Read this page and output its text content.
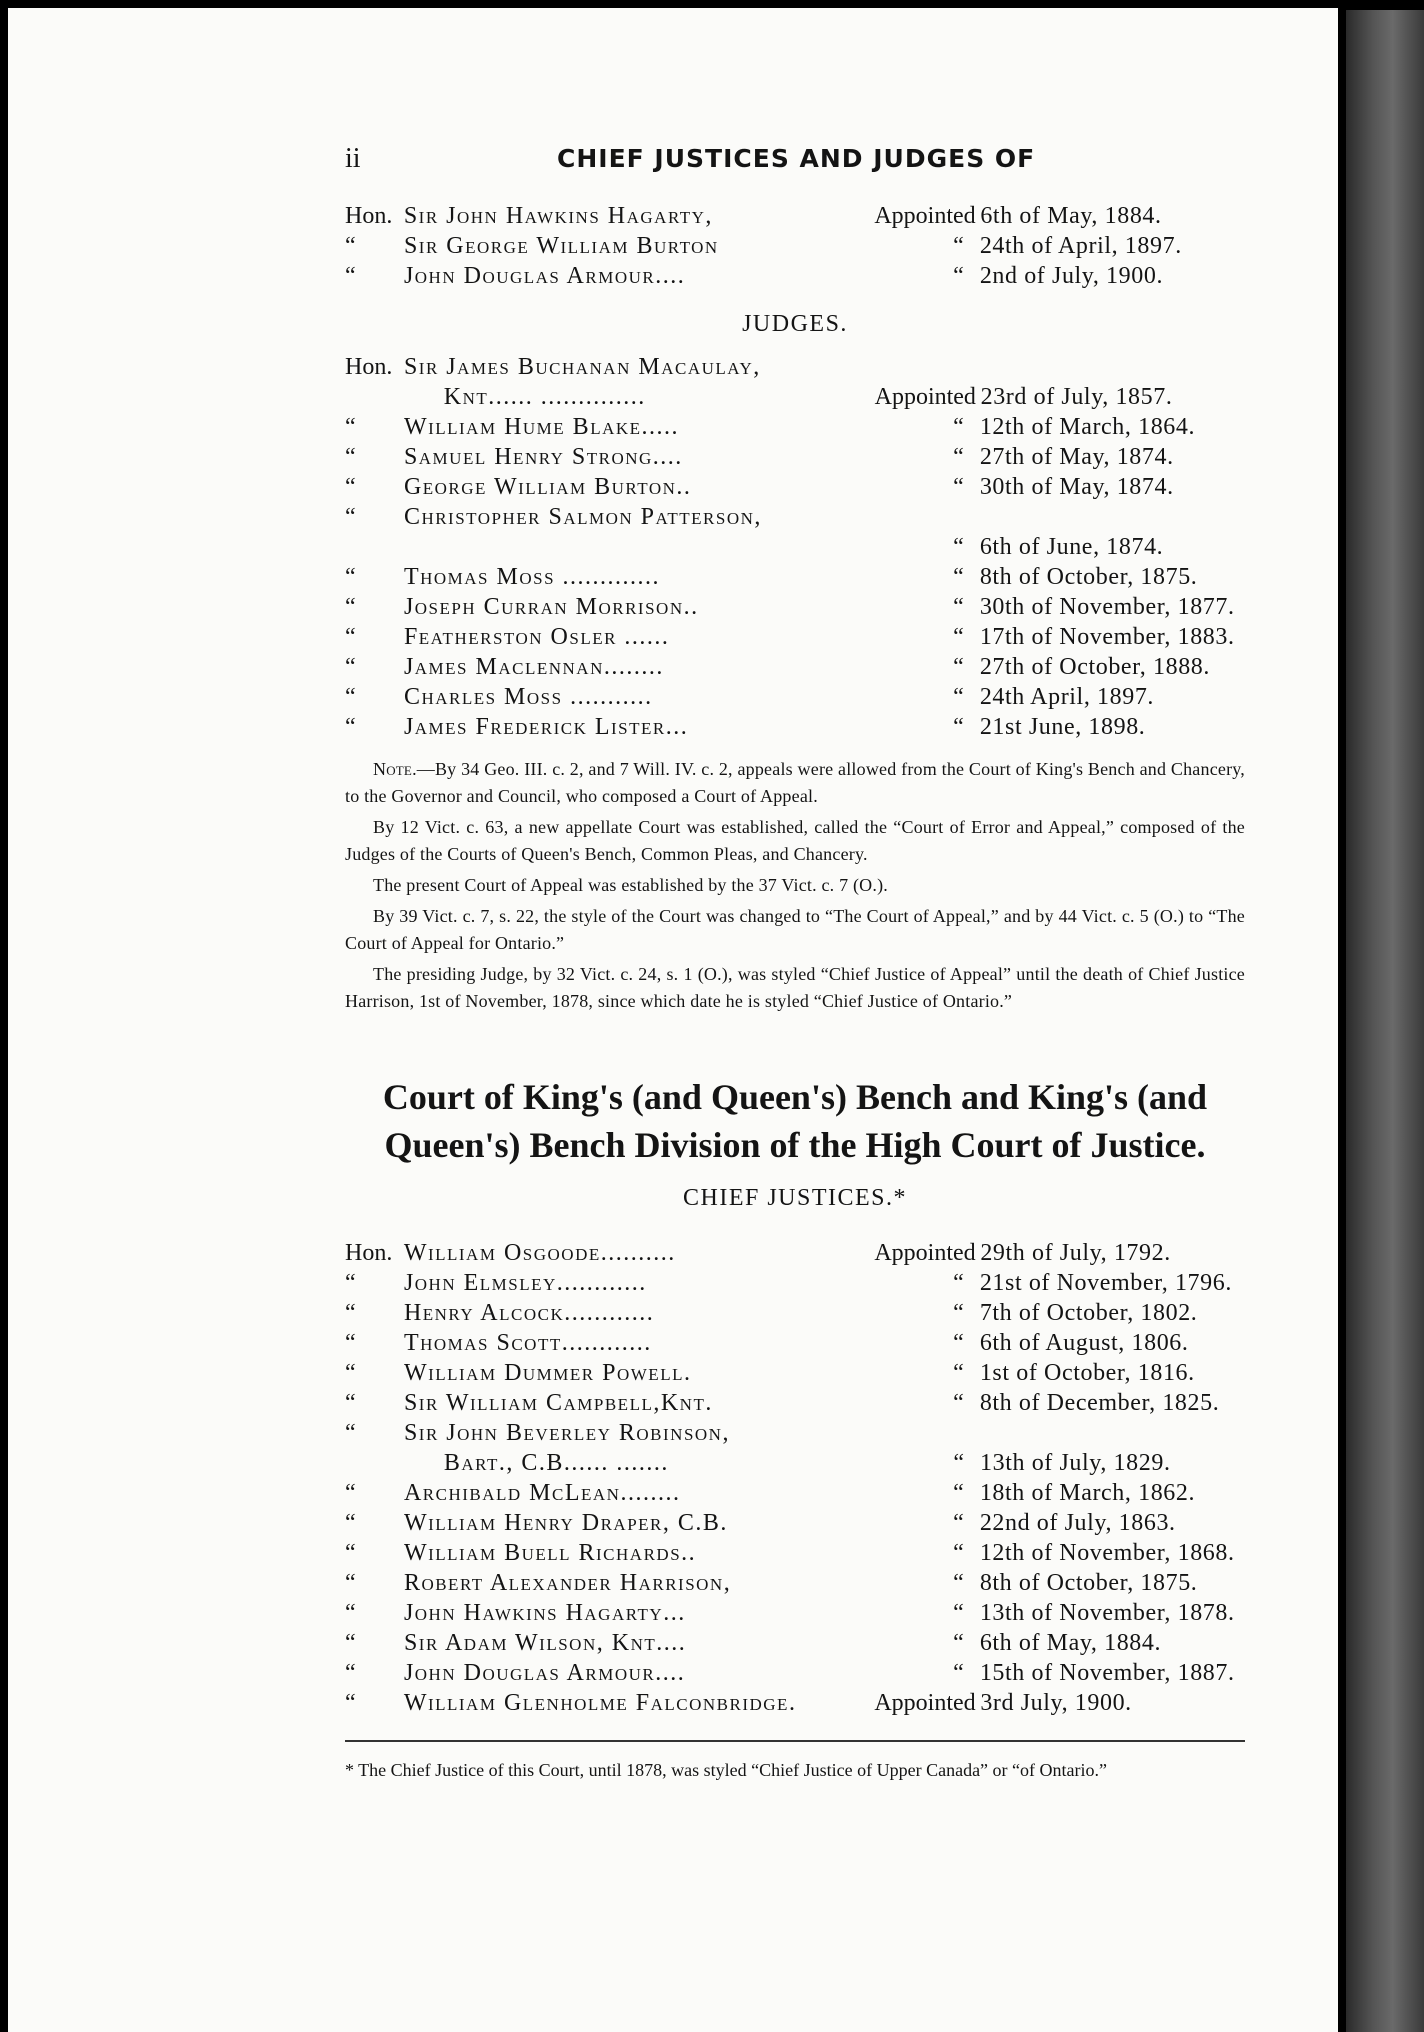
ii	CHIEF JUSTICES AND JUDGES OF
Hon. Sir John Hawkins Hagarty,	Appointed 6th of May, 1884.
“	Sir George William Burton	“ 24th of April, 1897.
“	John Douglas Armour....	“ 2nd of July, 1900.
JUDGES.
Hon. Sir James Buchanan Macaulay,
Knt...... ..............	Appointed 23rd of July, 1857.
“	William Hume Blake.....	“ 12th of March, 1864.
“	Samuel Henry Strong....	“ 27th of May, 1874.
“	George William Burton..	“ 30th of May, 1874.
“	Christopher Salmon Patterson,
“ 6th of June, 1874.
“	Thomas Moss .............	“ 8th of October, 1875.
“	Joseph Curran Morrison..	“ 30th of November, 1877.
“	Featherston Osler ......	“ 17th of November, 1883.
“	James Maclennan........	“ 27th of October, 1888.
“	Charles Moss ...........	“ 24th April, 1897.
“	James Frederick Lister...	“ 21st June, 1898.

Note.—By 34 Geo. III. c. 2, and 7 Will. IV. c. 2, appeals were allowed from the Court of King's Bench and Chancery, to the Governor and Council, who composed a Court of Appeal.

By 12 Vict. c. 63, a new appellate Court was established, called the “Court of Error and Appeal,” composed of the Judges of the Courts of Queen's Bench, Common Pleas, and Chancery.

The present Court of Appeal was established by the 37 Vict. c. 7 (O.).

By 39 Vict. c. 7, s. 22, the style of the Court was changed to “The Court of Appeal,” and by 44 Vict. c. 5 (O.) to “The Court of Appeal for Ontario.”

The presiding Judge, by 32 Vict. c. 24, s. 1 (O.), was styled “Chief Justice of Appeal” until the death of Chief Justice Harrison, 1st of November, 1878, since which date he is styled “Chief Justice of Ontario.”

Court of King's (and Queen's) Bench and King's (and
Queen's) Bench Division of the High Court of Justice.
CHIEF JUSTICES.*
Hon. William Osgoode..........	Appointed 29th of July, 1792.
“	John Elmsley............	“ 21st of November, 1796.
“	Henry Alcock............	“ 7th of October, 1802.
“	Thomas Scott............	“ 6th of August, 1806.
“	William Dummer Powell.	“ 1st of October, 1816.
“	Sir William Campbell,Knt.	“ 8th of December, 1825.
“	Sir John Beverley Robinson,
Bart., C.B...... .......	“ 13th of July, 1829.
“	Archibald McLean........	“ 18th of March, 1862.
“	William Henry Draper, C.B.	“ 22nd of July, 1863.
“	William Buell Richards..	“ 12th of November, 1868.
“	Robert Alexander Harrison,	“ 8th of October, 1875.
“	John Hawkins Hagarty...	“ 13th of November, 1878.
“	Sir Adam Wilson, Knt....	“ 6th of May, 1884.
“	John Douglas Armour....	“ 15th of November, 1887.
“	William Glenholme Falconbridge.	Appointed 3rd July, 1900.
* The Chief Justice of this Court, until 1878, was styled “Chief Justice of Upper Canada” or “of Ontario.”
